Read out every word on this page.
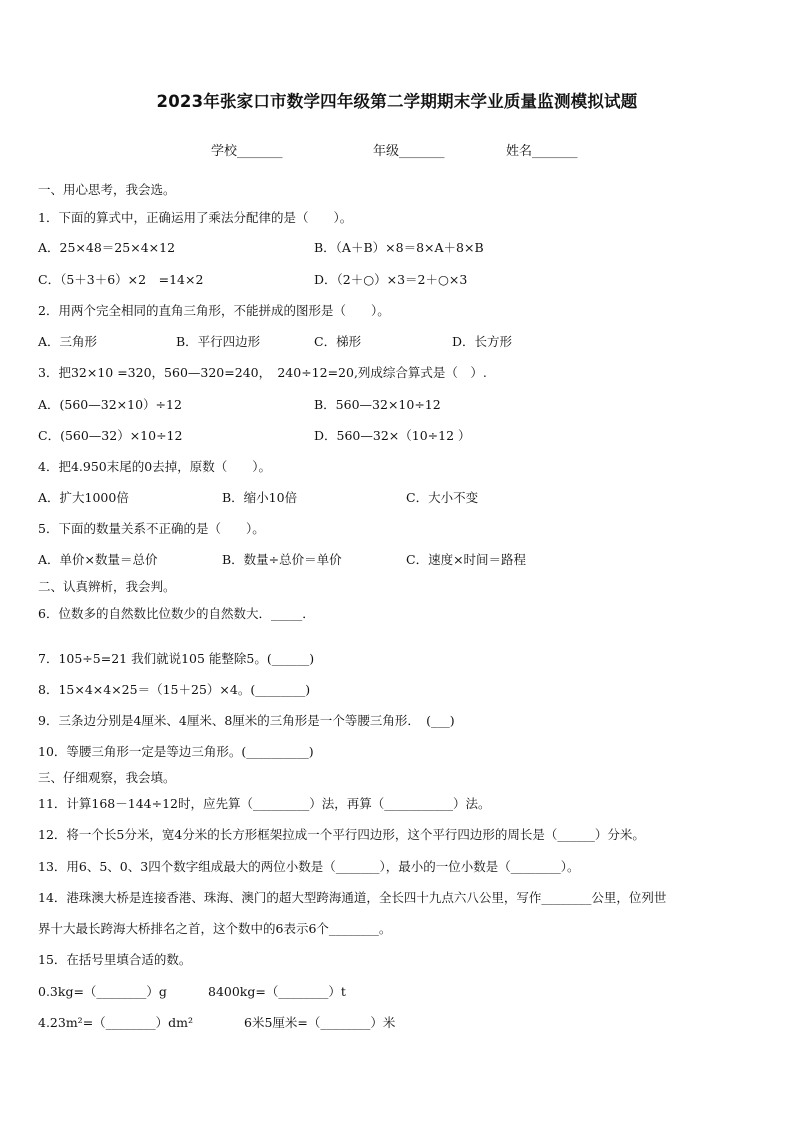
2023年张家口市数学四年级第二学期期末学业质量监测模拟试题
学校_______	年级_______	姓名_______
一、用心思考，我会选。
1．下面的算式中，正确运用了乘法分配律的是（　　）。
A．25×48＝25×4×12	B．（A＋B）×8＝8×A＋8×B
C．（5＋3＋6）×2　=14×2	D．（2＋○）×3＝2＋○×3
2．用两个完全相同的直角三角形，不能拼成的图形是（　　）。
A．三角形	B．平行四边形	C．梯形	D．长方形
3．把32×10 =320，560—320=240，　240÷12=20,列成综合算式是（　）.
A．(560—32×10）÷12	B．560—32×10÷12
C．(560—32）×10÷12	D．560—32×（10÷12 ）
4．把4.950末尾的0去掉，原数（　　）。
A．扩大1000倍	B．缩小10倍	C．大小不变
5．下面的数量关系不正确的是（　　）。
A．单价×数量＝总价	B．数量÷总价＝单价	C．速度×时间＝路程
二、认真辨析，我会判。
6．位数多的自然数比位数少的自然数大．_____．
7．105÷5=21 我们就说105 能整除5。(______)
8．15×4×4×25＝（15＋25）×4。(________)
9．三条边分别是4厘米、4厘米、8厘米的三角形是一个等腰三角形．　(___)
10．等腰三角形一定是等边三角形。(__________)
三、仔细观察，我会填。
11．计算168－144÷12时，应先算（_________）法，再算（___________）法。
12．将一个长5分米，宽4分米的长方形框架拉成一个平行四边形，这个平行四边形的周长是（______）分米。
13．用6、5、0、3四个数字组成最大的两位小数是（_______），最小的一位小数是（________）。
14．港珠澳大桥是连接香港、珠海、澳门的超大型跨海通道，全长四十九点六八公里，写作________公里，位列世
界十大最长跨海大桥排名之首，这个数中的6表示6个________。
15．在括号里填合适的数。
0.3kg=（________）g	8400kg=（________）t
4.23m²=（________）dm²	6米5厘米=（________）米
